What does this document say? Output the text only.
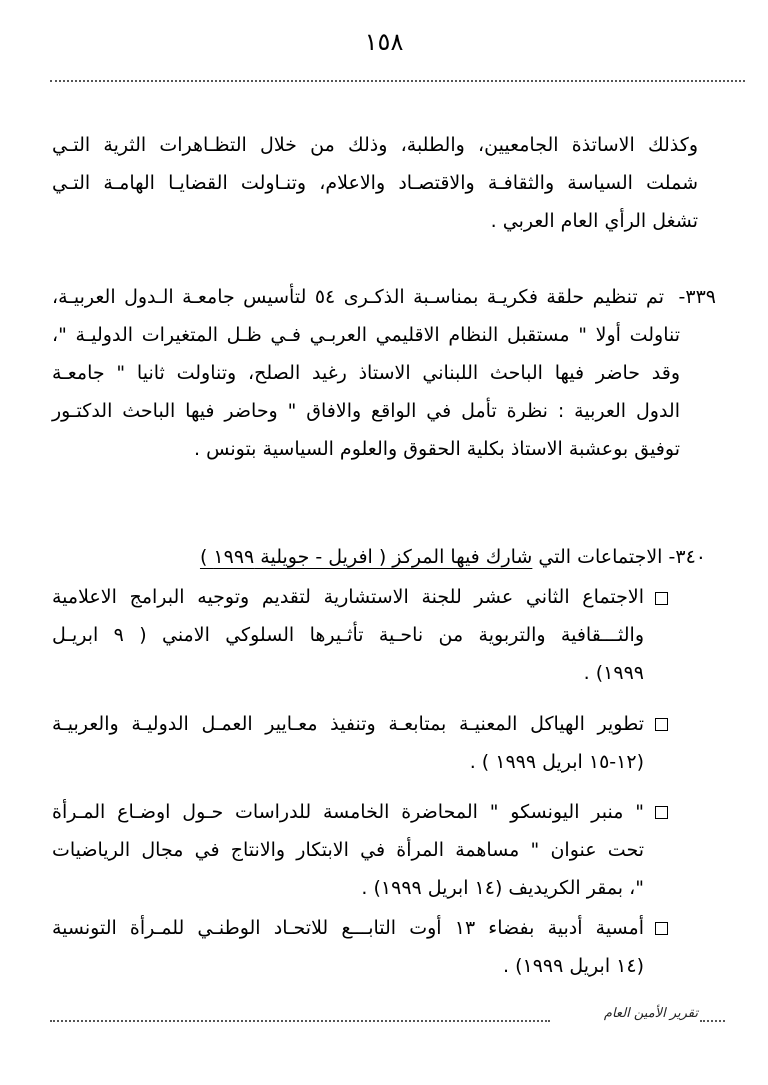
١٥٨
وكذلك الاساتذة الجامعيين، والطلبة، وذلك من خلال التظـاهرات الثرية التـي
شملت السياسة والثقافـة والاقتصـاد والاعلام، وتنـاولت القضايـا الهامـة التـي
تشغل الرأي العام العربي .
٣٣٩-
تم تنظيم حلقة فكريـة بمناسـبة الذكـرى ٥٤ لتأسيس جامعـة الـدول العربيـة،
تناولت أولا " مستقبل النظام الاقليمي العربـي فـي ظـل المتغيرات الدوليـة "،
وقد حاضر فيها الباحث اللبناني الاستاذ رغيد الصلح، وتناولت ثانيا " جامعـة
الدول العربية : نظرة تأمل في الواقع والافاق " وحاضر فيها الباحث الدكتـور
توفيق بوعشبة الاستاذ بكلية الحقوق والعلوم السياسية بتونس .
٣٤٠- الاجتماعات التي شارك فيها المركز ( افريل - جويلية ١٩٩٩ )
الاجتماع الثاني عشر للجنة الاستشارية لتقديم وتوجيه البرامج الاعلامية
والثـــقافية والتربوية من ناحـية تأثـيرها السلوكي الامني ( ٩ ابريـل
١٩٩٩) .
تطوير الهياكل المعنيـة بمتابعـة وتنفيذ معـايير العمـل الدوليـة والعربيـة
(١٢-١٥ ابريل ١٩٩٩ ) .
" منبر اليونسكو " المحاضرة الخامسة للدراسات حـول اوضـاع المـرأة
تحت عنوان " مساهمة المرأة في الابتكار والانتاج في مجال الرياضيات
"، بمقر الكريديف (١٤ ابريل ١٩٩٩) .
أمسية أدبية بفضاء ١٣ أوت التابـــع للاتحـاد الوطنـي للمـرأة التونسية
(١٤ ابريل ١٩٩٩) .
تقرير الأمين العام
